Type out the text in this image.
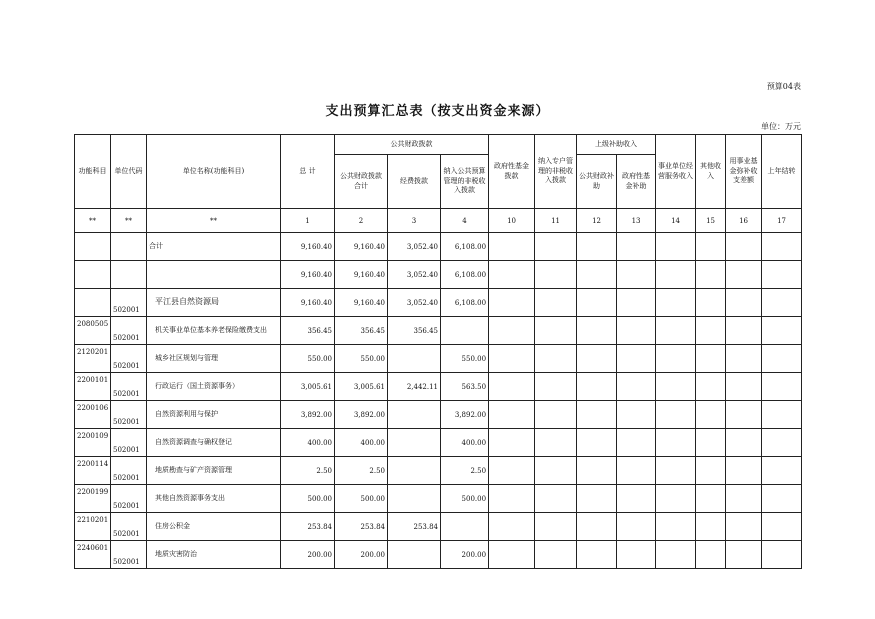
预算04表
支出预算汇总表（按支出资金来源）
单位：万元
功能科目	单位代码	单位名称(功能科目)	总 计	公共财政拨款			政府性基金拨款	纳入专户管理的非税收入拨款	上级补助收入		事业单位经营服务收入	其他收入	用事业基金弥补收支差额	上年结转
				公共财政拨款合计	经费拨款	纳入公共预算管理的非税收入拨款			公共财政补助	政府性基金补助				
**	**	**	1	2	3	4	10	11	12	13	14	15	16	17
		合计	9,160.40	9,160.40	3,052.40	6,108.00								
			9,160.40	9,160.40	3,052.40	6,108.00								
	502001	平江县自然资源局	9,160.40	9,160.40	3,052.40	6,108.00								
2080505	502001	机关事业单位基本养老保险缴费支出	356.45	356.45	356.45									
2120201	502001	城乡社区规划与管理	550.00	550.00		550.00								
2200101	502001	行政运行（国土资源事务）	3,005.61	3,005.61	2,442.11	563.50								
2200106	502001	自然资源利用与保护	3,892.00	3,892.00		3,892.00								
2200109	502001	自然资源调查与确权登记	400.00	400.00		400.00								
2200114	502001	地质勘查与矿产资源管理	2.50	2.50		2.50								
2200199	502001	其他自然资源事务支出	500.00	500.00		500.00								
2210201	502001	住房公积金	253.84	253.84	253.84									
2240601	502001	地质灾害防治	200.00	200.00		200.00								
